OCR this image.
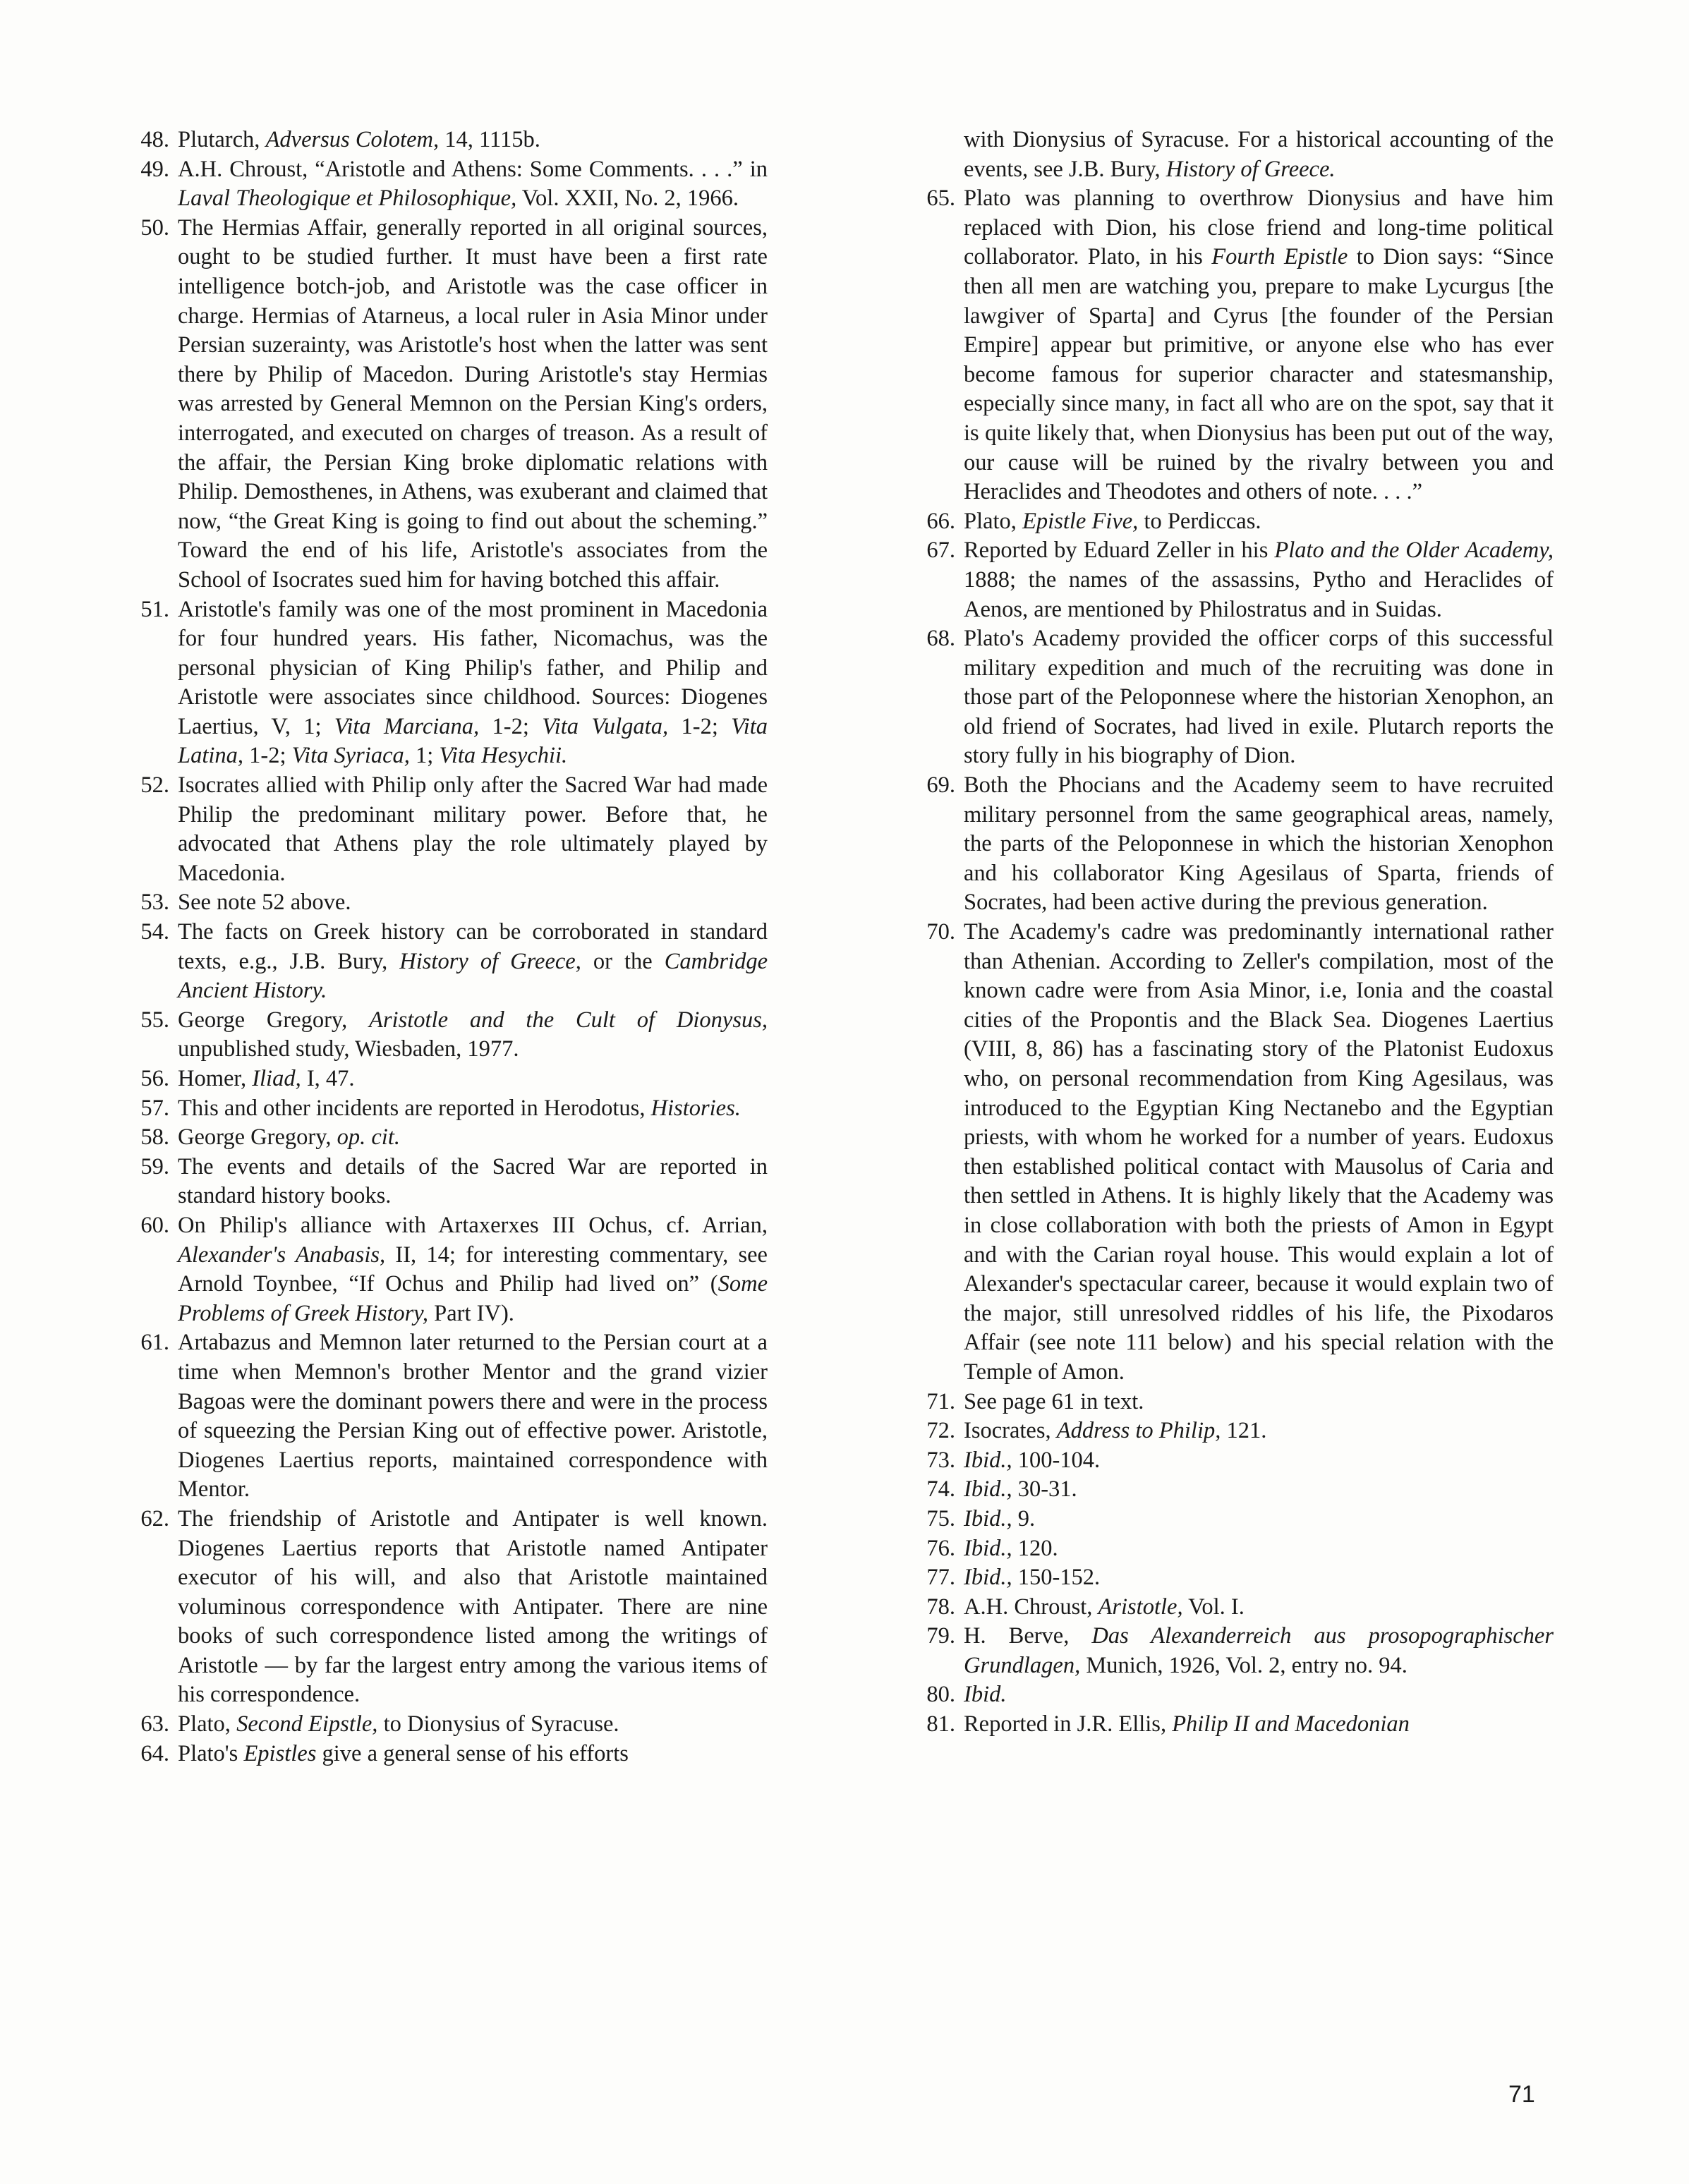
48. Plutarch, Adversus Colotem, 14, 1115b.
49. A.H. Chroust, “Aristotle and Athens: Some Comments. . . .” in Laval Theologique et Philosophique, Vol. XXII, No. 2, 1966.
50. The Hermias Affair, generally reported in all original sources, ought to be studied further. It must have been a first rate intelligence botch-job, and Aristotle was the case officer in charge. Hermias of Atarneus, a local ruler in Asia Minor under Persian suzerainty, was Aristotle's host when the latter was sent there by Philip of Macedon. During Aristotle's stay Hermias was arrested by General Memnon on the Persian King's orders, interrogated, and executed on charges of treason. As a result of the affair, the Persian King broke diplomatic relations with Philip. Demosthenes, in Athens, was exuberant and claimed that now, “the Great King is going to find out about the scheming.” Toward the end of his life, Aristotle's associates from the School of Isocrates sued him for having botched this affair.
51. Aristotle's family was one of the most prominent in Macedonia for four hundred years. His father, Nicomachus, was the personal physician of King Philip's father, and Philip and Aristotle were associates since childhood. Sources: Diogenes Laertius, V, 1; Vita Marciana, 1-2; Vita Vulgata, 1-2; Vita Latina, 1-2; Vita Syriaca, 1; Vita Hesychii.
52. Isocrates allied with Philip only after the Sacred War had made Philip the predominant military power. Before that, he advocated that Athens play the role ultimately played by Macedonia.
53. See note 52 above.
54. The facts on Greek history can be corroborated in standard texts, e.g., J.B. Bury, History of Greece, or the Cambridge Ancient History.
55. George Gregory, Aristotle and the Cult of Dionysus, unpublished study, Wiesbaden, 1977.
56. Homer, Iliad, I, 47.
57. This and other incidents are reported in Herodotus, Histories.
58. George Gregory, op. cit.
59. The events and details of the Sacred War are reported in standard history books.
60. On Philip's alliance with Artaxerxes III Ochus, cf. Arrian, Alexander's Anabasis, II, 14; for interesting commentary, see Arnold Toynbee, “If Ochus and Philip had lived on” (Some Problems of Greek History, Part IV).
61. Artabazus and Memnon later returned to the Persian court at a time when Memnon's brother Mentor and the grand vizier Bagoas were the dominant powers there and were in the process of squeezing the Persian King out of effective power. Aristotle, Diogenes Laertius reports, maintained correspondence with Mentor.
62. The friendship of Aristotle and Antipater is well known. Diogenes Laertius reports that Aristotle named Antipater executor of his will, and also that Aristotle maintained voluminous correspondence with Antipater. There are nine books of such correspondence listed among the writings of Aristotle — by far the largest entry among the various items of his correspondence.
63. Plato, Second Eipstle, to Dionysius of Syracuse.
64. Plato's Epistles give a general sense of his efforts
with Dionysius of Syracuse. For a historical accounting of the events, see J.B. Bury, History of Greece.
65. Plato was planning to overthrow Dionysius and have him replaced with Dion, his close friend and long-time political collaborator. Plato, in his Fourth Epistle to Dion says: “Since then all men are watching you, prepare to make Lycurgus [the lawgiver of Sparta] and Cyrus [the founder of the Persian Empire] appear but primitive, or anyone else who has ever become famous for superior character and statesmanship, especially since many, in fact all who are on the spot, say that it is quite likely that, when Dionysius has been put out of the way, our cause will be ruined by the rivalry between you and Heraclides and Theodotes and others of note. . . .”
66. Plato, Epistle Five, to Perdiccas.
67. Reported by Eduard Zeller in his Plato and the Older Academy, 1888; the names of the assassins, Pytho and Heraclides of Aenos, are mentioned by Philostratus and in Suidas.
68. Plato's Academy provided the officer corps of this successful military expedition and much of the recruiting was done in those part of the Peloponnese where the historian Xenophon, an old friend of Socrates, had lived in exile. Plutarch reports the story fully in his biography of Dion.
69. Both the Phocians and the Academy seem to have recruited military personnel from the same geographical areas, namely, the parts of the Peloponnese in which the historian Xenophon and his collaborator King Agesilaus of Sparta, friends of Socrates, had been active during the previous generation.
70. The Academy's cadre was predominantly international rather than Athenian. According to Zeller's compilation, most of the known cadre were from Asia Minor, i.e, Ionia and the coastal cities of the Propontis and the Black Sea. Diogenes Laertius (VIII, 8, 86) has a fascinating story of the Platonist Eudoxus who, on personal recommendation from King Agesilaus, was introduced to the Egyptian King Nectanebo and the Egyptian priests, with whom he worked for a number of years. Eudoxus then established political contact with Mausolus of Caria and then settled in Athens. It is highly likely that the Academy was in close collaboration with both the priests of Amon in Egypt and with the Carian royal house. This would explain a lot of Alexander's spectacular career, because it would explain two of the major, still unresolved riddles of his life, the Pixodaros Affair (see note 111 below) and his special relation with the Temple of Amon.
71. See page 61 in text.
72. Isocrates, Address to Philip, 121.
73. Ibid., 100-104.
74. Ibid., 30-31.
75. Ibid., 9.
76. Ibid., 120.
77. Ibid., 150-152.
78. A.H. Chroust, Aristotle, Vol. I.
79. H. Berve, Das Alexanderreich aus prosopographischer Grundlagen, Munich, 1926, Vol. 2, entry no. 94.
80. Ibid.
81. Reported in J.R. Ellis, Philip II and Macedonian
71
